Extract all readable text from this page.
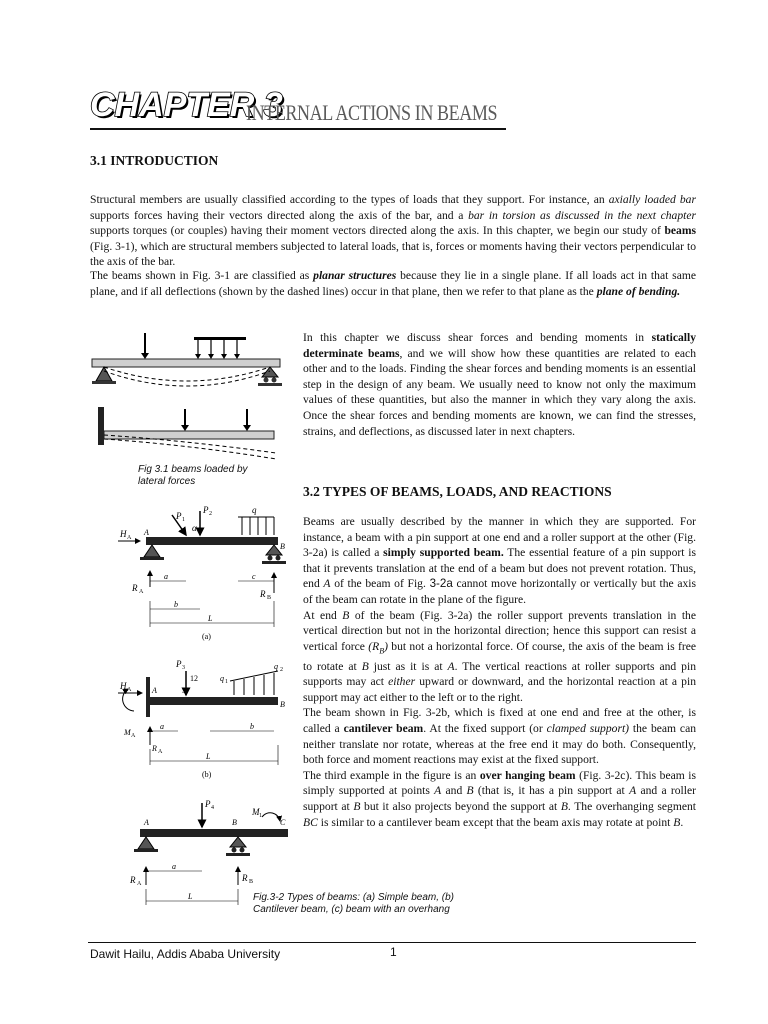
CHAPTER 3
INTERNAL ACTIONS IN BEAMS
3.1 INTRODUCTION
Structural members are usually classified according to the types of loads that they support. For instance, an axially loaded bar supports forces having their vectors directed along the axis of the bar, and a bar in torsion as discussed in the next chapter supports torques (or couples) having their moment vectors directed along the axis. In this chapter, we begin our study of beams (Fig. 3-1), which are structural members subjected to lateral loads, that is, forces or moments having their vectors perpendicular to the axis of the bar.
The beams shown in Fig. 3-1 are classified as planar structures because they lie in a single plane. If all loads act in that same plane, and if all deflections (shown by the dashed lines) occur in that plane, then we refer to that plane as the plane of bending.
In this chapter we discuss shear forces and bending moments in statically determinate beams, and we will show how these quantities are related to each other and to the loads. Finding the shear forces and bending moments is an essential step in the design of any beam. We usually need to know not only the maximum values of these quantities, but also the manner in which they vary along the axis. Once the shear forces and bending moments are known, we can find the stresses, strains, and deflections, as discussed later in next chapters.
Fig 3.1 beams loaded by
lateral forces
3.2 TYPES OF BEAMS, LOADS, AND REACTIONS
Beams are usually described by the manner in which they are supported. For instance, a beam with a pin support at one end and a roller support at the other (Fig. 3-2a) is called a simply supported beam. The essential feature of a pin support is that it prevents translation at the end of a beam but does not prevent rotation. Thus, end A of the beam of Fig. 3-2a cannot move horizontally or vertically but the axis of the beam can rotate in the plane of the figure.
At end B of the beam (Fig. 3-2a) the roller support prevents translation in the vertical direction but not in the horizontal direction; hence this support can resist a vertical force $(R_B)$ but not a horizontal force. Of course, the axis of the beam is free to rotate at B just as it is at A. The vertical reactions at roller supports and pin supports may act either upward or downward, and the horizontal reaction at a pin support may act either to the left or to the right.
The beam shown in Fig. 3-2b, which is fixed at one end and free at the other, is called a cantilever beam. At the fixed support (or clamped support) the beam can neither translate nor rotate, whereas at the free end it may do both. Consequently, both force and moment reactions may exist at the fixed support.
The third example in the figure is an over hanging beam (Fig. 3-2c). This beam is simply supported at points A and B (that is, it has a pin support at A and a roller support at B but it also projects beyond the support at B. The overhanging segment BC is similar to a cantilever beam except that the beam axis may rotate at point B.
P 1
P 2
α
q
H A
A
B
R A	R B
a
b
c
L
(a)
P 3
12
5
q 1
q 2
H A	A
B
M A
R A
a	b
L
(b)
P 4	M 1
A	B	C
R A
R B
a
L	Fig.3-2 Types of beams: (a) Simple beam, (b)
Cantilever beam, (c) beam with an overhang
Dawit Hailu, Addis Ababa University	1
